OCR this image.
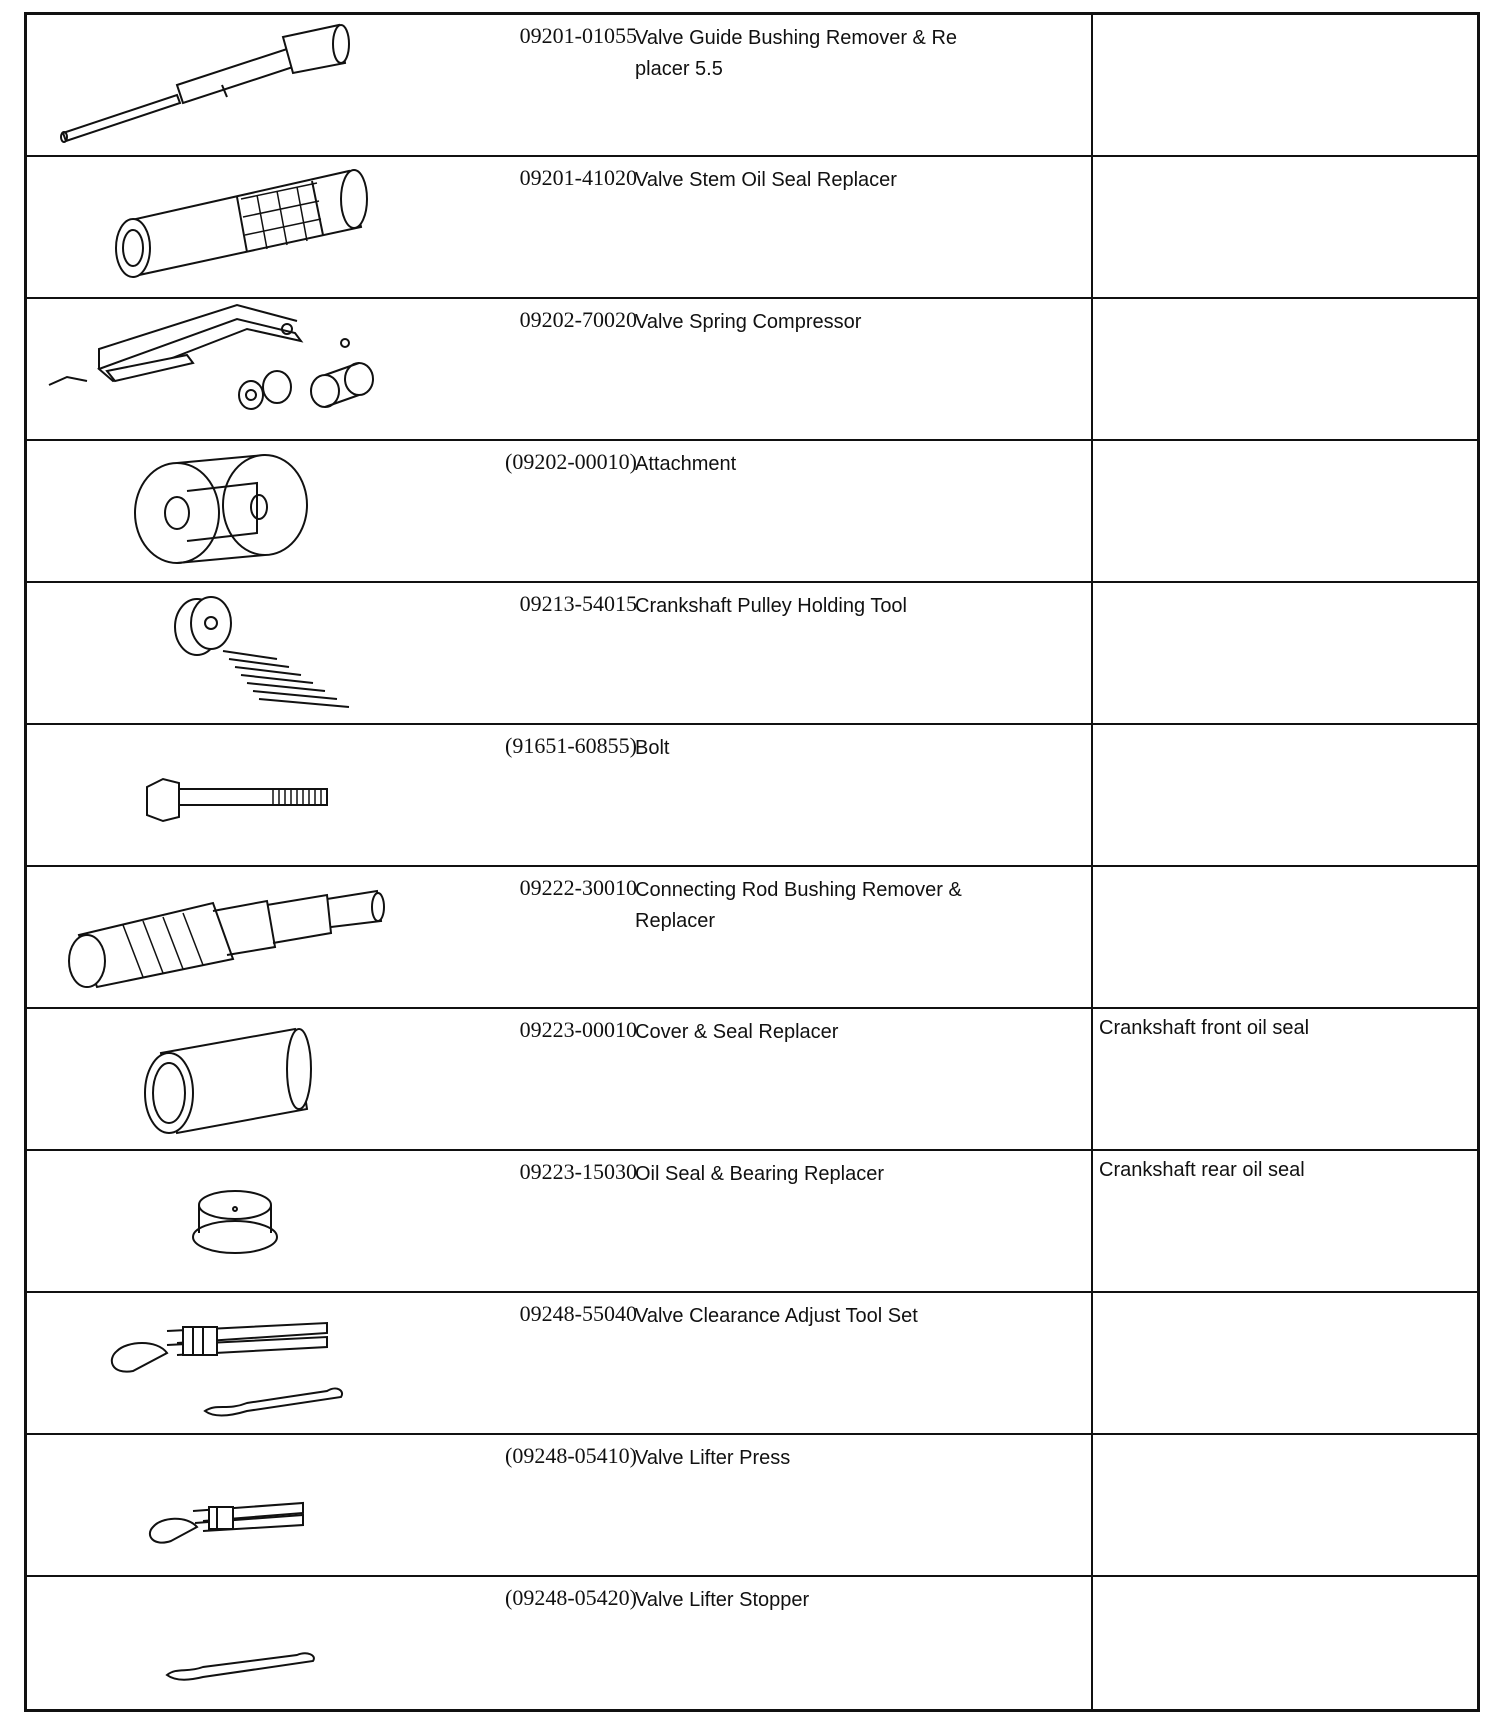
09201-01055
Valve Guide Bushing Remover & Re placer 5.5
09201-41020
Valve Stem Oil Seal Replacer
09202-70020
Valve Spring Compressor
(09202-00010)
Attachment
09213-54015
Crankshaft Pulley Holding Tool
(91651-60855)
Bolt
09222-30010
Connecting Rod Bushing Remover & Replacer
09223-00010
Cover & Seal Replacer	Crankshaft front oil seal
09223-15030
Oil Seal & Bearing Replacer	Crankshaft rear oil seal
09248-55040
Valve Clearance Adjust Tool Set
(09248-05410)
Valve Lifter Press
(09248-05420)
Valve Lifter Stopper
